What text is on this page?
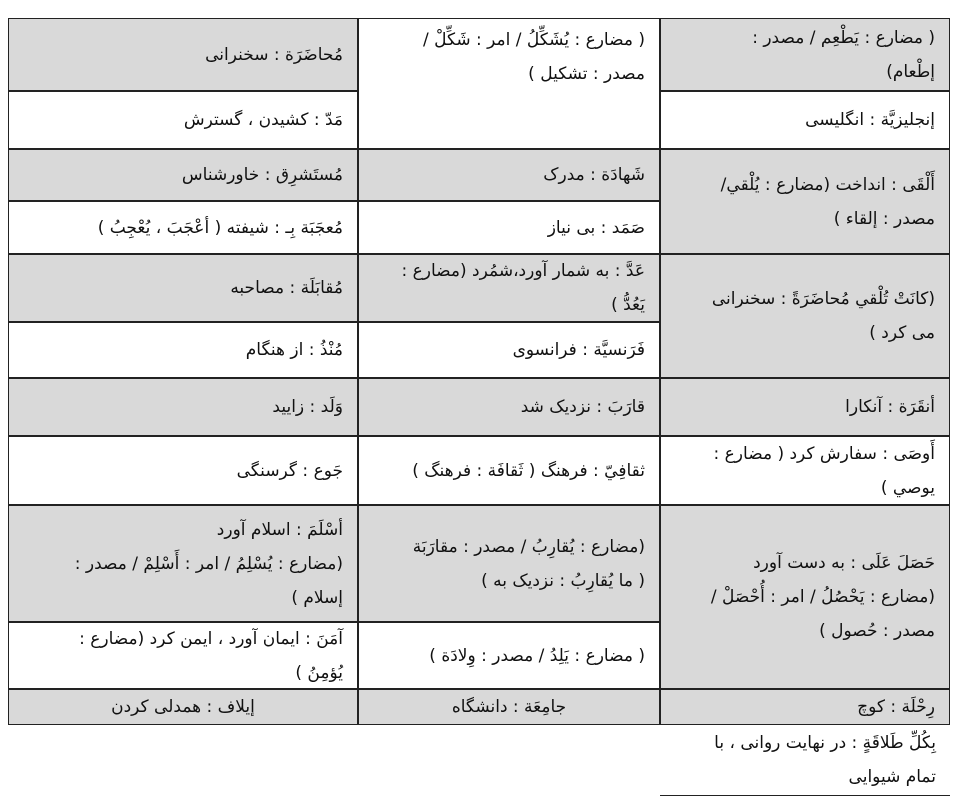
( مضارع : يَطْعِم / مصدر :
إطْعام)
( مضارع : يُشَكِّلُ / امر : شَكِّلْ /
مصدر : تشكيل )
مُحاضَرَة : سخنرانی
إنجليزيَّة : انگليسی
مَدّ : کشیدن ، گسترش
أَلْقَى : انداخت (مضارع : يُلْقي/
مصدر : إلقاء )
شَهادَة : مدرک
صَمَد : بی نیاز
مُستَشرِق : خاورشناس
مُعجَبَة بِـ : شيفته ( أعْجَبَ ، يُعْجِبُ )
(كانَتْ تُلْقي مُحاضَرَةً : سخنرانی
می کرد )
عَدَّ : به شمار آورد،شمُرد (مضارع :
يَعُدُّ )
فَرَنسيَّة : فرانسوی
مُقابَلَة : مصاحبه
مُنْذُ : از هنگام
أنقَرَة : آنكارا
قارَبَ : نزدیک شد
وَلَد : زایید
أَوصَى : سفارش کرد ( مضارع :
يوصي )
ثقافِيّ : فرهنگ ( ثَقافَة : فرهنگ )
جَوع : گرسنگی
حَصَلَ عَلَى : به دست آورد
(مضارع : يَحْصُلُ / امر : أُحْصَلْ /
مصدر : حُصول )
(مضارع : يُقارِبُ / مصدر : مقارَبَة
( ما يُقارِبُ : نزدیک به )
( مضارع : يَلِدُ / مصدر : وِلادَة )
أسْلَمَ : اسلام آورد
(مضارع : يُسْلِمُ / امر : أَسْلِمْ / مصدر :
إسلام )
آمَنَ : ایمان آورد ، ایمن کرد (مضارع :
يُؤمِنُ )
رِحْلَة : کوچ
جامِعَة : دانشگاه
إيلاف : همدلی کردن
بِكُلِّ طَلاقَةٍ : در نهایت روانی ، با
تمام شیوایی
